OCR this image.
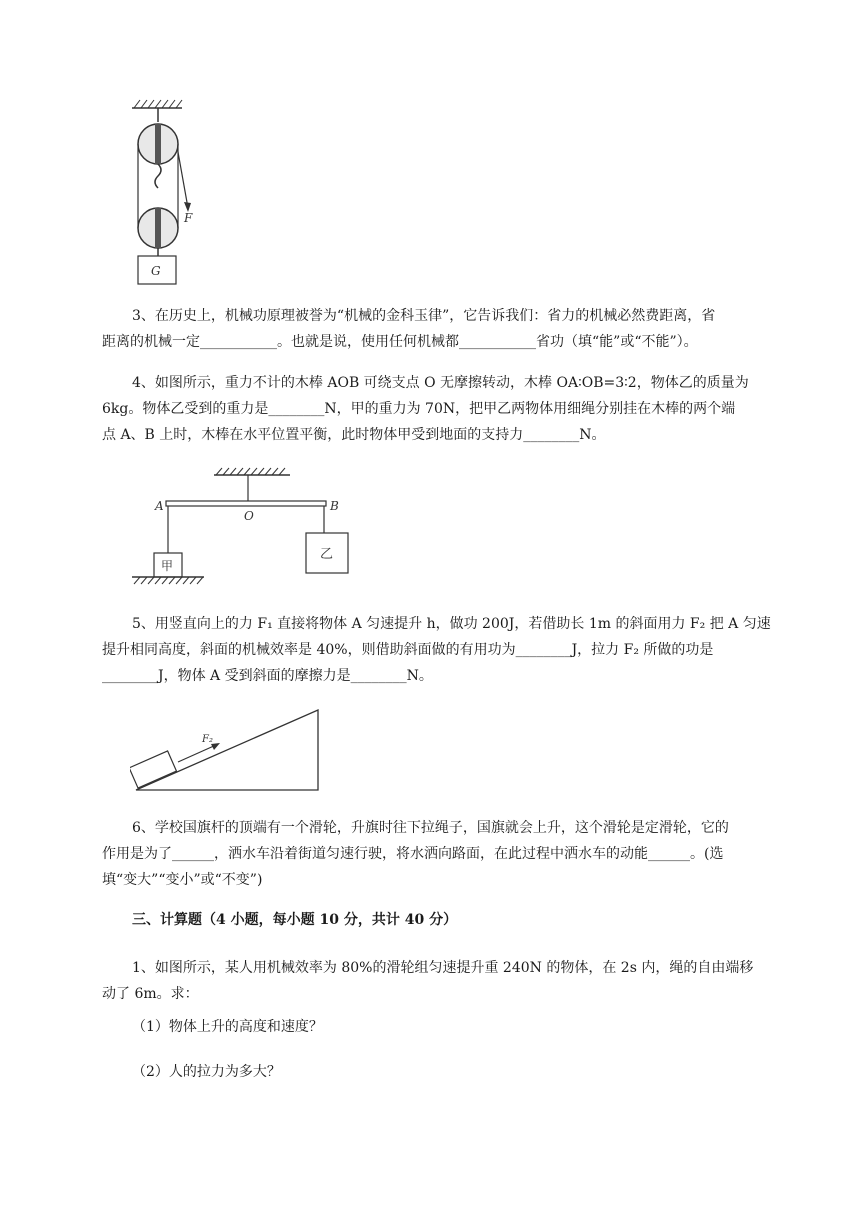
F
G

3、在历史上，机械功原理被誉为“机械的金科玉律”，它告诉我们：省力的机械必然费距离，省
距离的机械一定___________。也就是说，使用任何机械都___________省功（填“能”或“不能”）。

4、如图所示，重力不计的木棒 AOB 可绕支点 O 无摩擦转动，木棒 OA∶OB=3∶2，物体乙的质量为
6kg。物体乙受到的重力是________N，甲的重力为 70N，把甲乙两物体用细绳分别挂在木棒的两个端
点 A、B 上时，木棒在水平位置平衡，此时物体甲受到地面的支持力________N。

A
O
B
甲
乙

5、用竖直向上的力 F₁ 直接将物体 A 匀速提升 h，做功 200J，若借助长 1m 的斜面用力 F₂ 把 A 匀速
提升相同高度，斜面的机械效率是 40%，则借助斜面做的有用功为________J，拉力 F₂ 所做的功是
________J，物体 A 受到斜面的摩擦力是________N。

F₂

6、学校国旗杆的顶端有一个滑轮，升旗时往下拉绳子，国旗就会上升，这个滑轮是定滑轮，它的
作用是为了______，洒水车沿着街道匀速行驶，将水洒向路面，在此过程中洒水车的动能______。(选
填“变大”“变小”或“不变”)

三、计算题（4 小题，每小题 10 分，共计 40 分）

1、如图所示，某人用机械效率为 80%的滑轮组匀速提升重 240N 的物体，在 2s 内，绳的自由端移
动了 6m。求：

（1）物体上升的高度和速度？

（2）人的拉力为多大？
